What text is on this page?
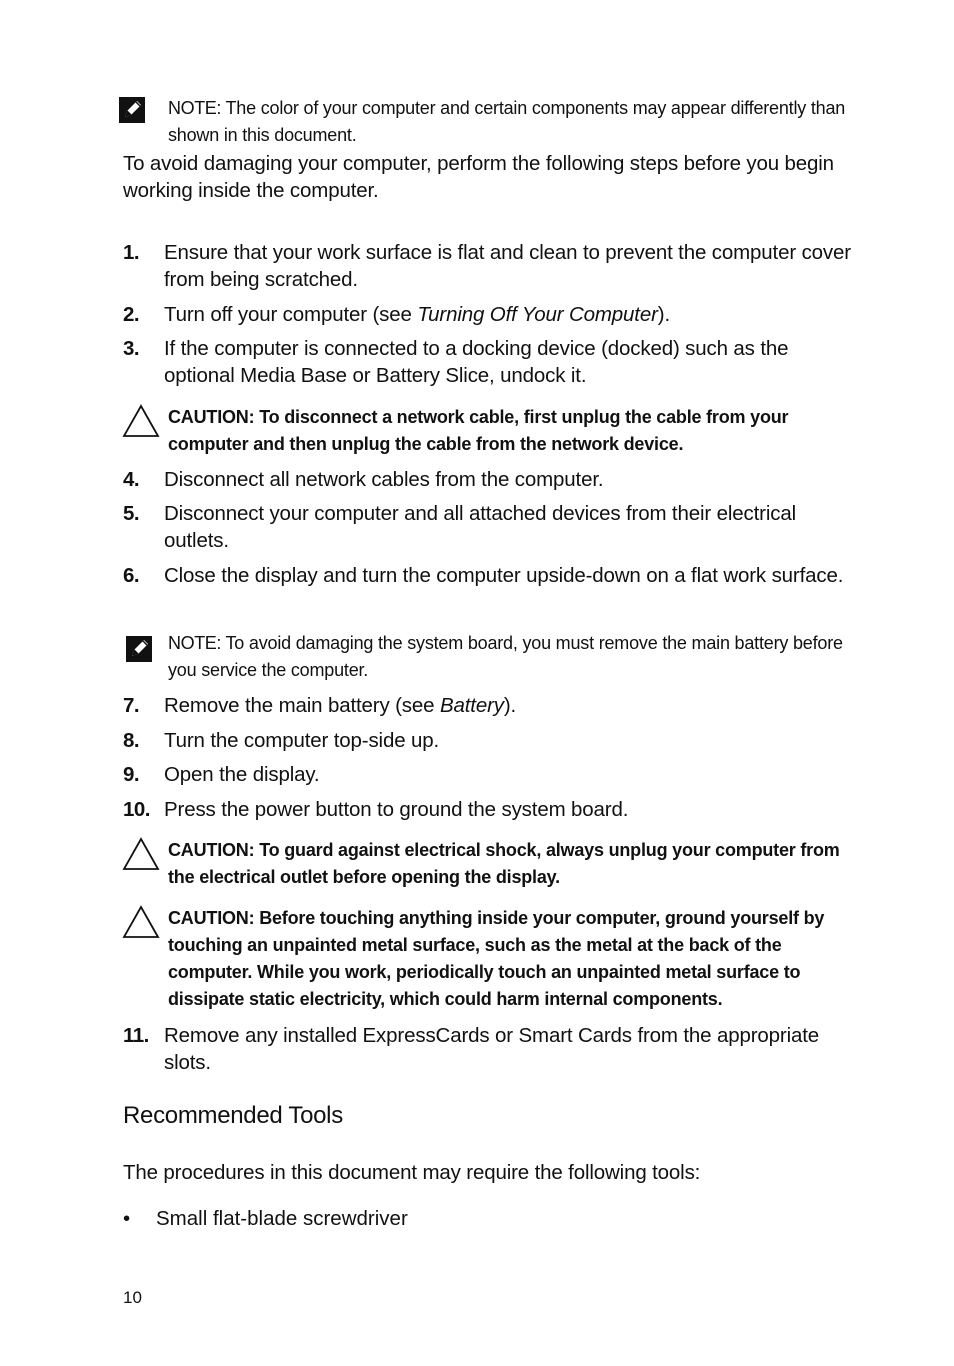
NOTE: The color of your computer and certain components may appear differently than shown in this document.

To avoid damaging your computer, perform the following steps before you begin working inside the computer.

1. Ensure that your work surface is flat and clean to prevent the computer cover from being scratched.
2. Turn off your computer (see Turning Off Your Computer).
3. If the computer is connected to a docking device (docked) such as the optional Media Base or Battery Slice, undock it.
CAUTION: To disconnect a network cable, first unplug the cable from your computer and then unplug the cable from the network device.
4. Disconnect all network cables from the computer.
5. Disconnect your computer and all attached devices from their electrical outlets.
6. Close the display and turn the computer upside-down on a flat work surface.
NOTE: To avoid damaging the system board, you must remove the main battery before you service the computer.
7. Remove the main battery (see Battery).
8. Turn the computer top-side up.
9. Open the display.
10. Press the power button to ground the system board.
CAUTION: To guard against electrical shock, always unplug your computer from the electrical outlet before opening the display.
CAUTION: Before touching anything inside your computer, ground yourself by touching an unpainted metal surface, such as the metal at the back of the computer. While you work, periodically touch an unpainted metal surface to dissipate static electricity, which could harm internal components.
11. Remove any installed ExpressCards or Smart Cards from the appropriate slots.
Recommended Tools

The procedures in this document may require the following tools:

• Small flat-blade screwdriver
10
